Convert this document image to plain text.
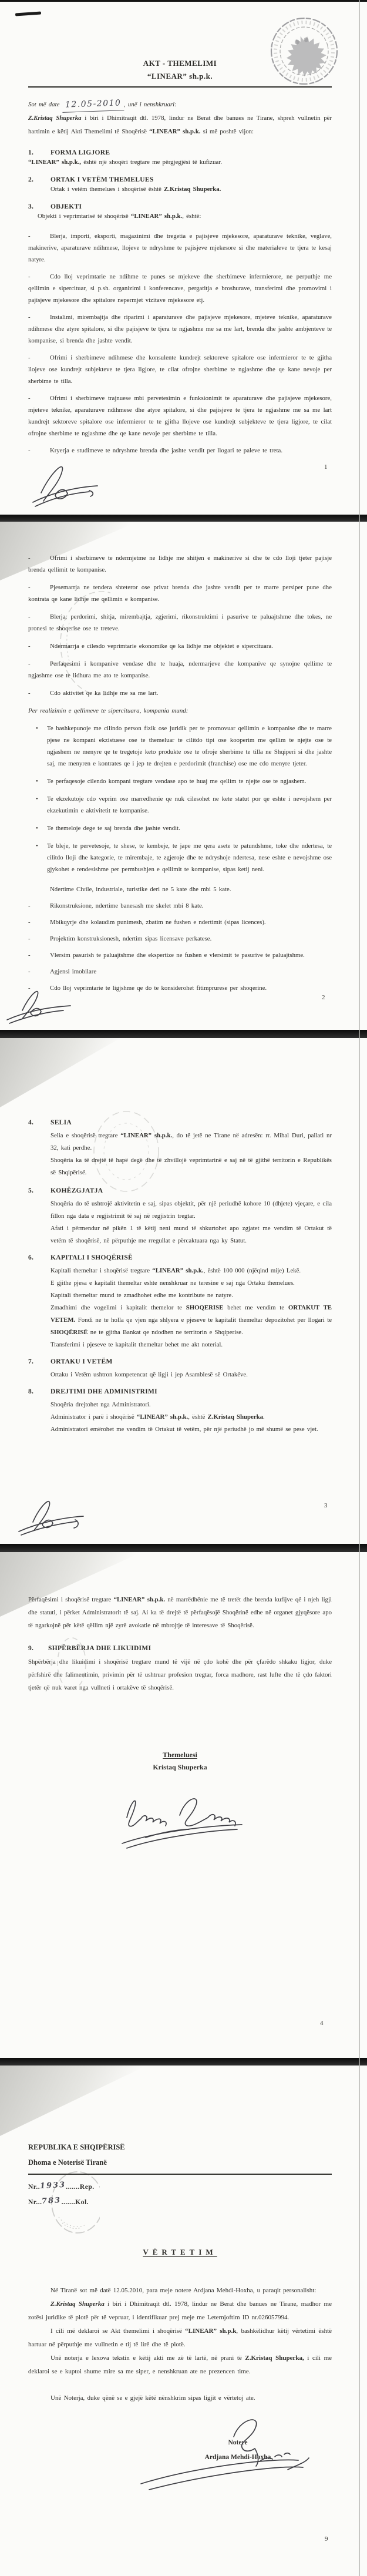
AKT - THEMELIMI

“LINEAR” sh.p.k.

Sot më date 12.05-2010 , unë i nenshkruari:

Z.Kristaq Shuperka i biri i Dhimitraqit dtl. 1978, lindur ne Berat dhe banues ne Tirane, shpreh vullnetin për hartimin e këtij Akti Themelimi të Shoqërisë “LINEAR” sh.p.k. si më poshtë vijon:

1.	FORMA LIGJORE

“LINEAR” sh.p.k., është një shoqëri tregtare me përgjegjësi të kufizuar.

2.	ORTAK I VETËM THEMELUES

Ortak i vetëm themelues i shoqërisë është Z.Kristaq Shuperka.

3.	OBJEKTI

Objekti i veprimtarisë të shoqërisë “LINEAR” sh.p.k., është:

-	Blerja, importi, eksporti, magazinimi dhe tregetia e pajisjeve mjekesore, aparaturave teknike, veglave, makinerive, aparaturave ndihmese, llojeve te ndryshme te pajisjeve mjekesore si dhe materialeve te tjera te kesaj natyre.

-	Cdo lloj veprimtarie ne ndihme te punes se mjekeve dhe sherbimeve infermierore, ne perputhje me qellimin e sipercituar, si p.sh. organizimi i konferencave, pergatitja e broshurave, transferimi dhe promovimi i pajisjeve mjekesore dhe spitalore nepermjet vizitave mjekesore etj.

-	Instalimi, mirembajtja dhe riparimi i aparaturave dhe pajisjeve mjekesore, mjeteve teknike, aparaturave ndihmese dhe atyre spitalore, si dhe pajisjeve te tjera te ngjashme me sa me lart, brenda dhe jashte ambjenteve te kompanise, si brenda dhe jashte vendit.

-	Ofrimi i sherbimeve ndihmese dhe konsulente kundrejt sektoreve spitalore ose infermieror te te gjitha llojeve ose kundrejt subjekteve te tjera ligjore, te cilat ofrojne sherbime te ngjashme dhe qe kane nevoje per sherbime te tilla.

-	Ofrimi i sherbimeve trajnuese mbi pervetesimin e funksionimit te aparaturave dhe pajisjeve mjekesore, mjeteve teknike, aparaturave ndihmese dhe atyre spitalore, si dhe pajisjeve te tjera te ngjashme me sa me lart kundrejt sektoreve spitalore ose infermieror te te gjitha llojeve ose kundrejt subjekteve te tjera ligjore, te cilat ofrojne sherbime te ngjashme dhe qe kane nevoje per sherbime te tilla.

-	Kryerja e studimeve te ndryshme brenda dhe jashte vendit per llogari te paleve te treta.

1

-	Ofrimi i sherbimeve te ndermjetme ne lidhje me shitjen e makinerive si dhe te cdo lloji tjeter pajisje brenda qellimit te kompanise.

-	Pjesemarrja ne tendera shteteror ose privat brenda dhe jashte vendit per te marre persiper pune dhe kontrata qe kane lidhje me qellimin e kompanise.

-	Blerja, perdorimi, shitja, mirembajtja, zgjerimi, rikonstruktimi i pasurive te paluajtshme dhe tokes, ne pronesi te shoqerise ose te treteve.

-	Ndermarrja e cilesdo veprimtarie ekonomike qe ka lidhje me objektet e sipercituara.

-	Perfaqesimi i kompanive vendase dhe te huaja, ndermarjeve dhe kompanive qe synojne qellime te ngjashme ose te lidhura me ato te kompanise.

-	Cdo aktivitet qe ka lidhje me sa me lart.

Per realizimin e qellimeve te sipercituara, kompania mund:

• Te bashkepunoje me cilindo person fizik ose juridik per te promovuar qellimin e kompanise dhe te marre pjese ne kompani ekzistuese ose te themeluar te cilitdo tipi ose kooperim me qellim te njejte ose te ngjashem ne menyre qe te tregetoje keto produkte ose te ofroje sherbime te tilla ne Shqiperi si dhe jashte saj, me menyren e kontrates qe i jep te drejten e perdorimit (franchise) ose me cdo menyre tjeter.

• Te perfaqesoje cilendo kompani tregtare vendase apo te huaj me qellim te njejte ose te ngjashem.

• Te ekzekutoje cdo veprim ose marredhenie qe nuk cilesohet ne kete statut por qe eshte i nevojshem per ekzekutimin e aktivitetit te kompanise.

• Te themeloje dege te saj brenda dhe jashte vendit.

• Te bleje, te pervetesoje, te shese, te kembeje, te jape me qera asete te patundshme, toke dhe ndertesa, te cilitdo lloji dhe kategorie, te mirembaje, te zgjeroje dhe te ndryshoje ndertesa, nese eshte e nevojshme ose gjykohet e rendesishme per permbushjen e qellimit te kompanise, sipas ketij neni.

Ndertime Civile, industriale, turistike deri ne 5 kate dhe mbi 5 kate.

-	Rikonstruksione, ndertime banesash me skelet mbi 8 kate.

-	Mbikqyrje dhe kolaudim punimesh, zbatim ne fushen e ndertimit (sipas licences).

-	Projektim konstruksionesh, ndertim sipas licensave perkatese.

-	Vlersim pasurish te paluajtshme dhe ekspertize ne fushen e vlersimit te pasurive te paluajtshme.

-	Agjensi imobilare

-	Cdo lloj veprimtarie te ligjshme qe do te konsiderohet fitimprurese per shoqerine.

2

4.	SELIA

Selia e shoqërisë tregtare “LINEAR” sh.p.k., do të jetë ne Tirane në adresën: rr. Mihal Duri, pallati nr 32, kati perdhe.

Shoqëria ka të drejtë të hapë degë dhe të zhvillojë veprimtarinë e saj në të gjithë territorin e Republikës së Shqipërisë.

5.	KOHËZGJATJA

Shoqëria do të ushtrojë aktivitetin e saj, sipas objektit, për një periudhë kohore 10 (dhjete) vjeçare, e cila fillon nga data e regjistrimit të saj në regjistrin tregtar.

Afati i përmendur në pikën 1 të këtij neni mund të shkurtohet apo zgjatet me vendim të Ortakut të vetëm të shoqërisë, në përputhje me rregullat e përcaktuara nga ky Statut.

6.	KAPITALI I SHOQËRISË

Kapitali themeltar i shoqërisë tregtare “LINEAR” sh.p.k., është 100 000 (njëqind mije) Lekë.

E gjithe pjesa e kapitalit themeltar eshte nenshkruar ne teresine e saj nga Ortaku themelues.

Kapitali themeltar mund te zmadhohet edhe me kontribute ne natyre.

Zmadhimi dhe vogelimi i kapitalit themelor te SHOQERISE behet me vendim te ORTAKUT TE VETEM. Fondi ne te holla qe vjen nga shlyera e pjeseve te kapitalit themeltar depozitohet per llogari te SHOQËRISË ne te gjitha Bankat qe ndodhen ne territorin e Shqiperise.

Transferimi i pjeseve te kapitalit themeltar behet me akt noterial.

7.	ORTAKU I VETËM

Ortaku i Vetëm ushtron kompetencat që ligji i jep Asamblesë së Ortakëve.

8.	DREJTIMI DHE ADMINISTRIMI

Shoqëria drejtohet nga Administratori.

Administrator i parë i shoqërisë “LINEAR” sh.p.k., është Z.Kristaq Shuperka.

Administratori emërohet me vendim të Ortakut të vetëm, për një periudhë jo më shumë se pese vjet.

3

Përfaqësimi i shoqërisë tregtare “LINEAR” sh.p.k. në marrëdhënie me të tretët dhe brenda kufijve që i njeh ligji dhe statuti, i përket Administratorit të saj. Ai ka të drejtë të përfaqësojë Shoqërinë edhe në organet gjyqësore apo të ngarkojnë për këtë qëllim një zyrë avokatie në mbrojtje të interesave të Shoqërisë.

9. SHPËRBËRJA DHE LIKUIDIMI

Shpërbërja dhe likuidimi i shoqërisë tregtare mund të vijë në çdo kohë dhe për çfarëdo shkaku ligjor, duke përfshirë dhe falimentimin, privimin për të ushtruar profesion tregtar, forca madhore, rast lufte dhe të çdo faktori tjetër që nuk varet nga vullneti i ortakëve të shoqërisë.

Themeluesi

Kristaq Shuperka

4

REPUBLIKA E SHQIPËRISË

Dhoma e Noterisë Tiranë

Nr..1933.......Rep.

Nr...783.......Kol.

VËRTETIM

Në Tiranë sot më datë 12.05.2010, para meje notere Ardjana Mehdi-Hoxha, u paraqit personalisht:

Z.Kristaq Shuperka i biri i Dhimitraqit dtl. 1978, lindur ne Berat dhe banues ne Tirane, madhor me zotësi juridike të plotë për të vepruar, i identifikuar prej meje me Leternjoftim ID nr.026057994.

I cili më deklaroi se Akt themelimi i shoqërisë “LINEAR” sh.p.k, bashkëlidhur këtij vërtetimi është hartuar në përputhje me vullnetin e tij të lirë dhe të plotë.

Unë noterja e lexova tekstin e këtij akti me zë të lartë, në prani të Z.Kristaq Shuperka, i cili me deklaroi se e kuptoi shume mire sa me siper, e nenshkruan ate ne prezencen time.

Unë Noterja, duke qënë se e gjejë këtë nënshkrim sipas ligjit e vërtetoj ate.

Notere

Ardjana Mehdi-Hoxha

9
